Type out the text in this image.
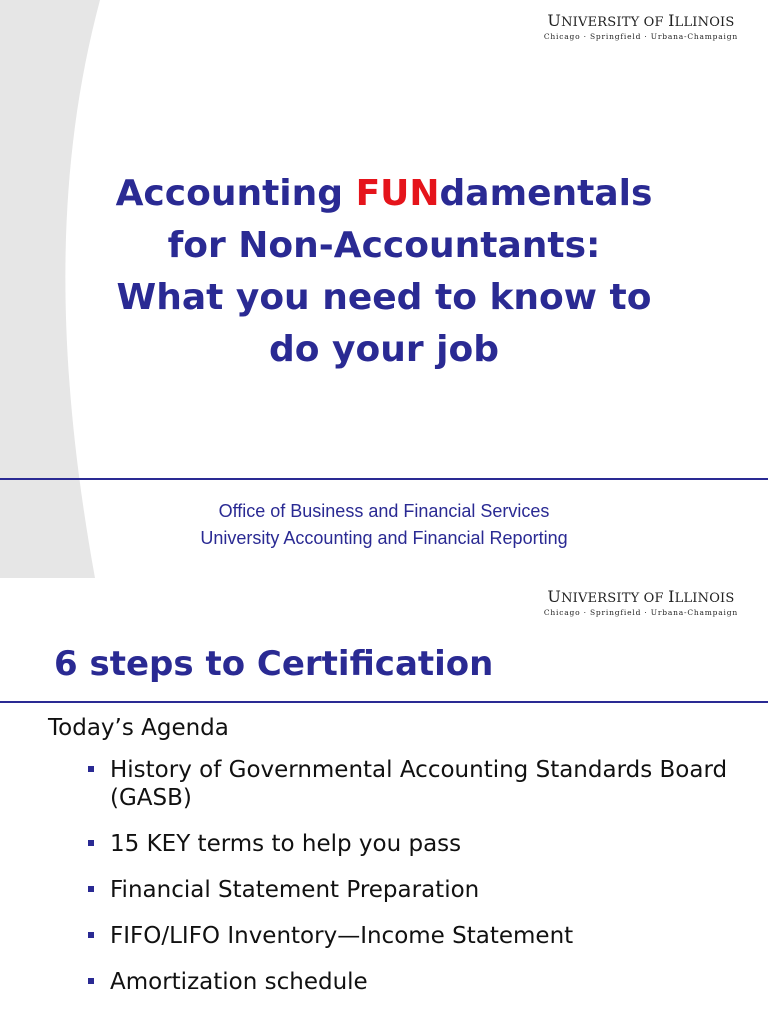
UNIVERSITY OF ILLINOIS
Chicago · Springfield · Urbana-Champaign
Accounting FUNdamentals
for Non-Accountants:
What you need to know to
do your job
Office of Business and Financial Services
University Accounting and Financial Reporting
UNIVERSITY OF ILLINOIS
Chicago · Springfield · Urbana-Champaign
6 steps to Certification
Today’s Agenda
History of Governmental Accounting Standards Board (GASB)
15 KEY terms to help you pass
Financial Statement Preparation
FIFO/LIFO Inventory—Income Statement
Amortization schedule
